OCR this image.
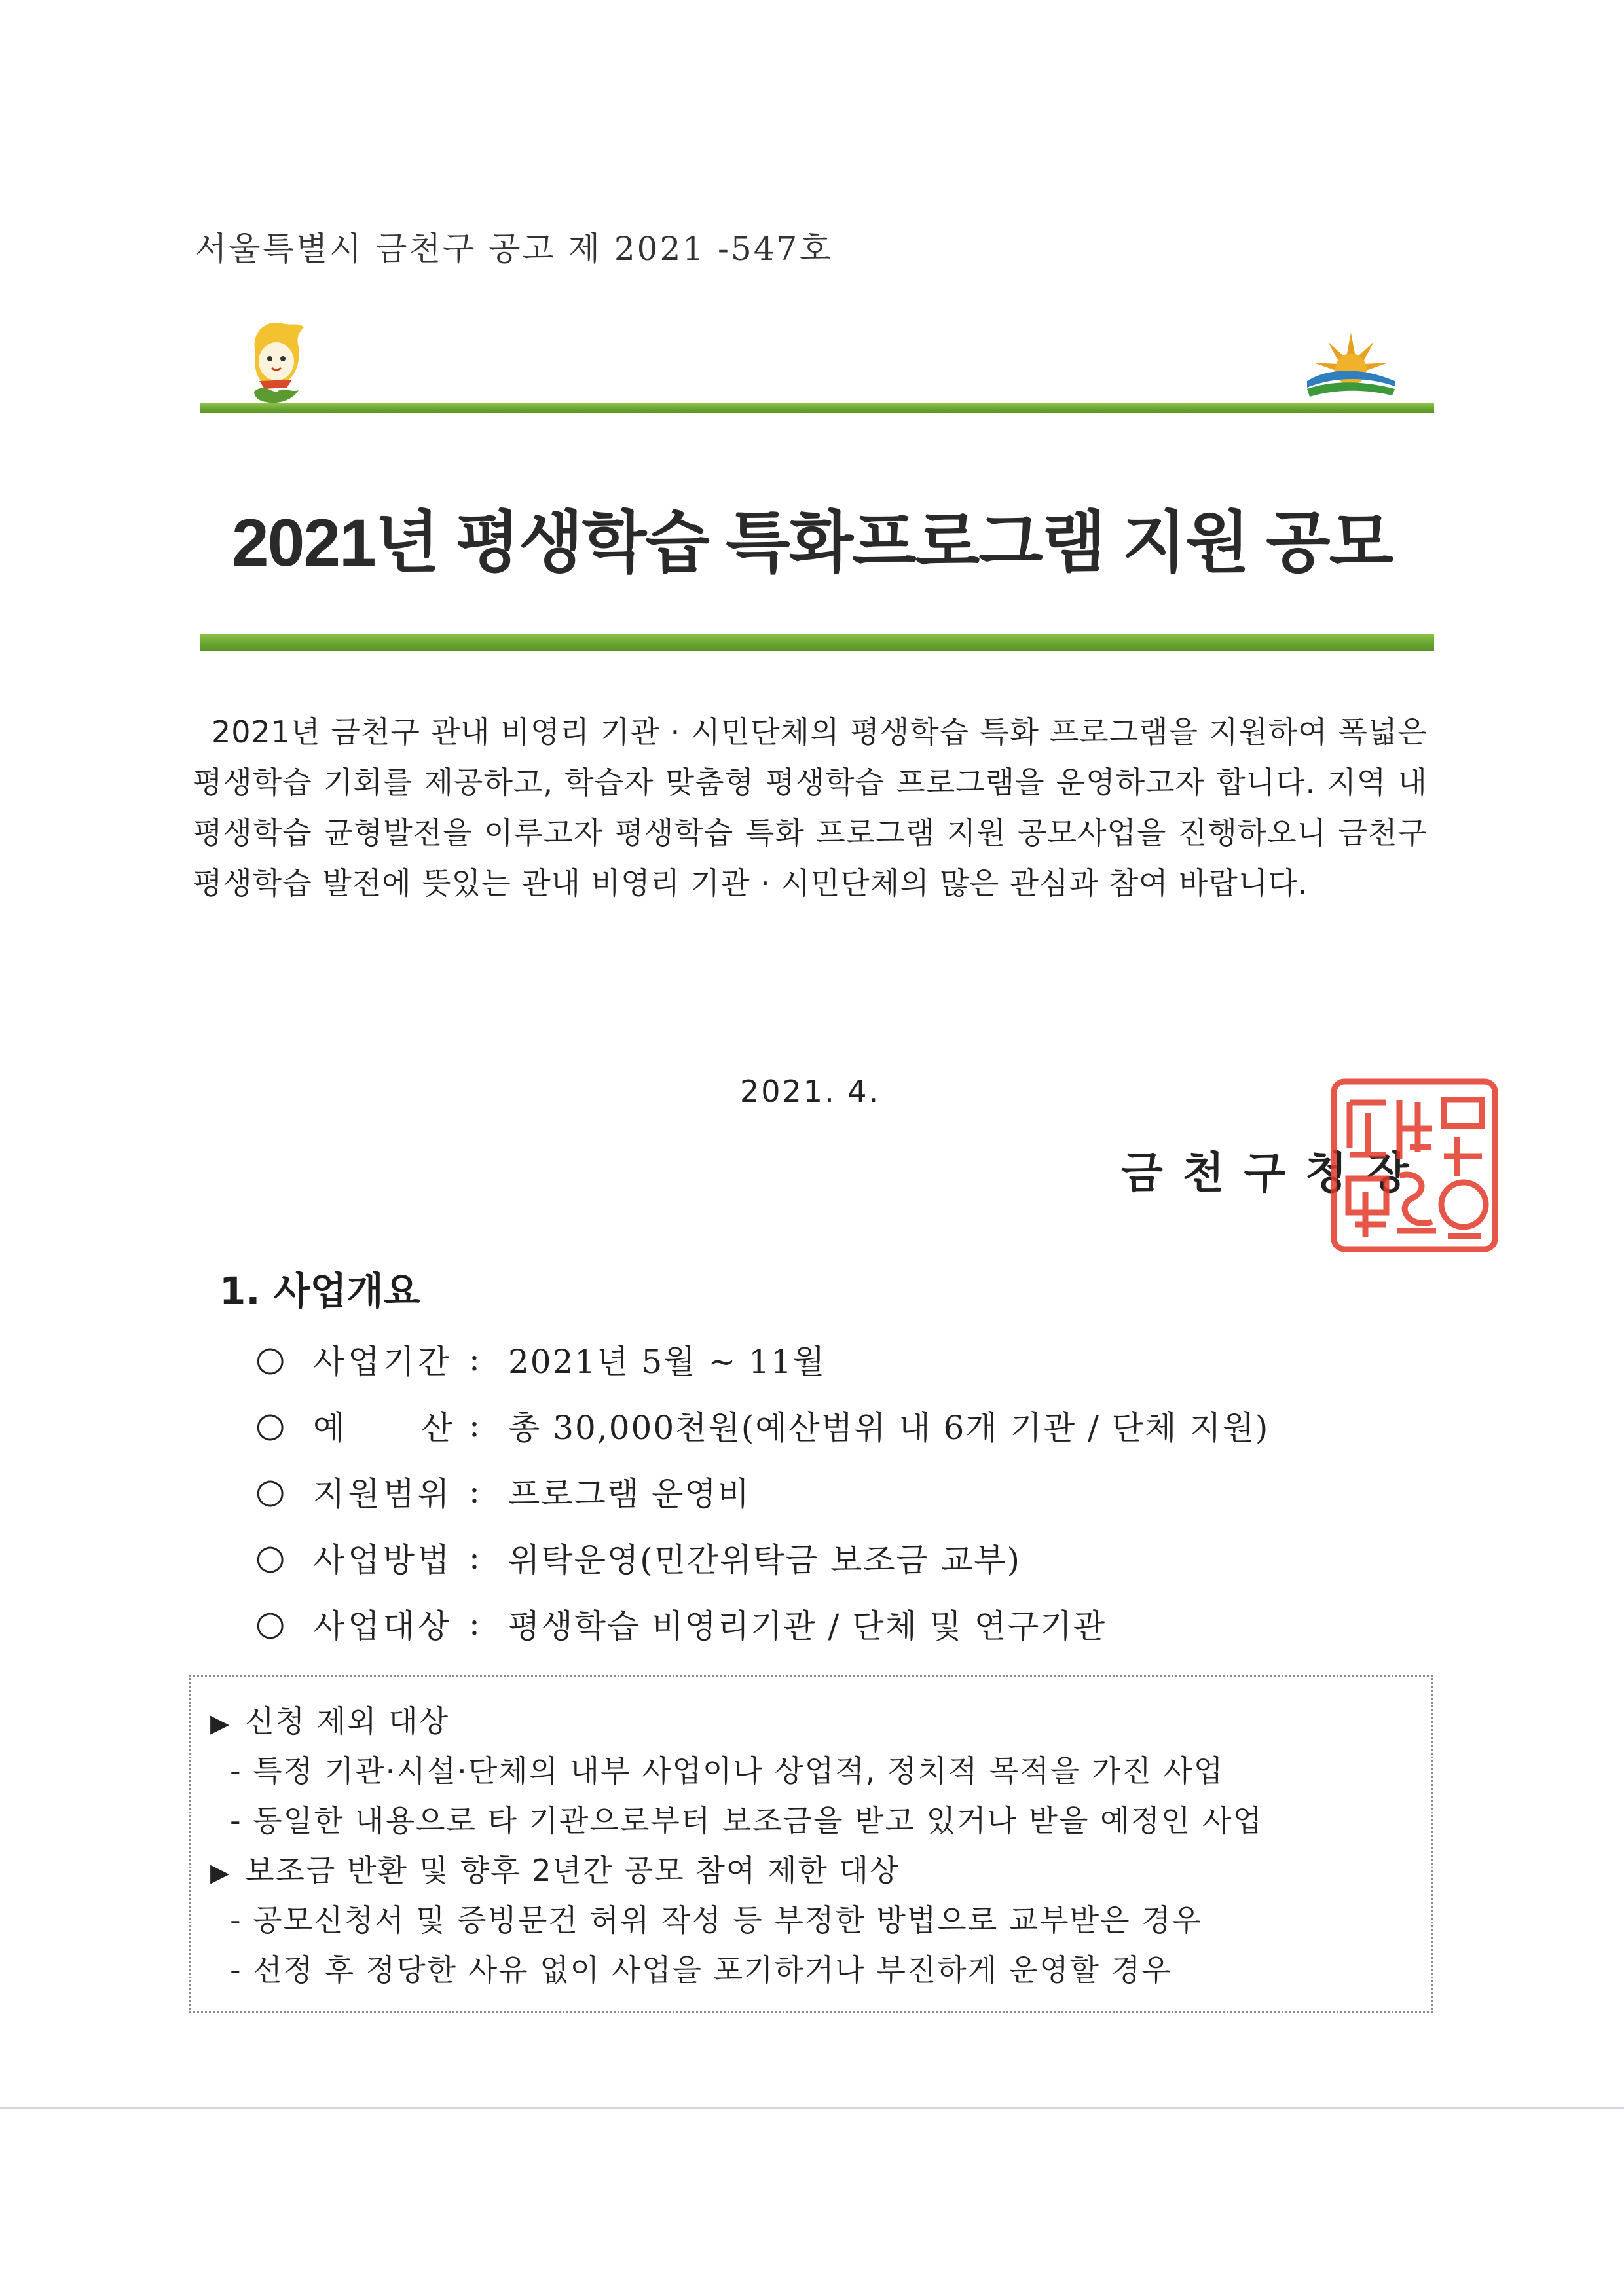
서울특별시 금천구 공고 제 2021 -547호
2021년 평생학습 특화프로그램 지원 공모
2021년 금천구 관내 비영리 기관 · 시민단체의 평생학습 특화 프로그램을 지원하여 폭넓은 평생학습 기회를 제공하고, 학습자 맞춤형 평생학습 프로그램을 운영하고자 합니다. 지역 내 평생학습 균형발전을 이루고자 평생학습 특화 프로그램 지원 공모사업을 진행하오니 금천구 평생학습 발전에 뜻있는 관내 비영리 기관 · 시민단체의 많은 관심과 참여 바랍니다.
2021. 4.
금천구청장
1. 사업개요
○ 사업기간 : 2021년 5월 ~ 11월
○ 예 산 : 총 30,000천원(예산범위 내 6개 기관 / 단체 지원)
○ 지원범위 : 프로그램 운영비
○ 사업방법 : 위탁운영(민간위탁금 보조금 교부)
○ 사업대상 : 평생학습 비영리기관 / 단체 및 연구기관
▶ 신청 제외 대상
- 특정 기관·시설·단체의 내부 사업이나 상업적, 정치적 목적을 가진 사업
- 동일한 내용으로 타 기관으로부터 보조금을 받고 있거나 받을 예정인 사업
▶ 보조금 반환 및 향후 2년간 공모 참여 제한 대상
- 공모신청서 및 증빙문건 허위 작성 등 부정한 방법으로 교부받은 경우
- 선정 후 정당한 사유 없이 사업을 포기하거나 부진하게 운영할 경우
